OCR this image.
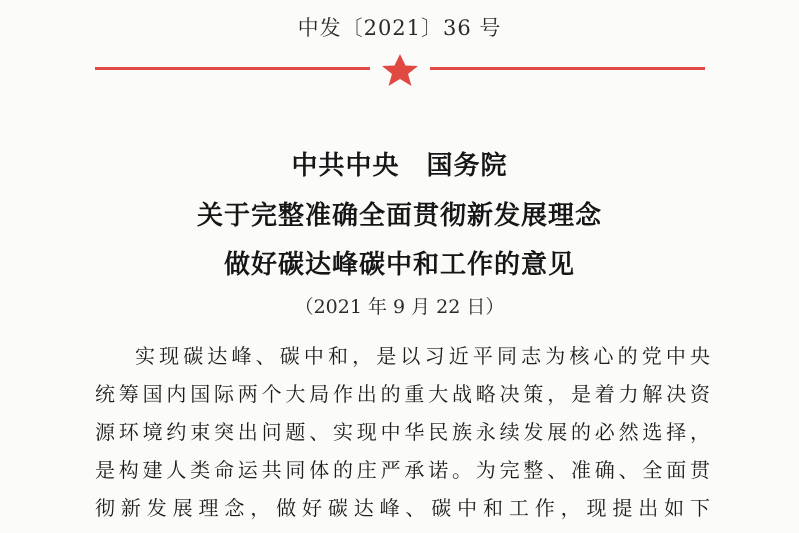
中发〔2021〕36 号
中共中央　国务院
关于完整准确全面贯彻新发展理念
做好碳达峰碳中和工作的意见
（2021 年 9 月 22 日）
实现碳达峰、碳中和，是以习近平同志为核心的党中央
统筹国内国际两个大局作出的重大战略决策，是着力解决资
源环境约束突出问题、实现中华民族永续发展的必然选择，
是构建人类命运共同体的庄严承诺。为完整、准确、全面贯
彻新发展理念，做好碳达峰、碳中和工作，现提出如下
